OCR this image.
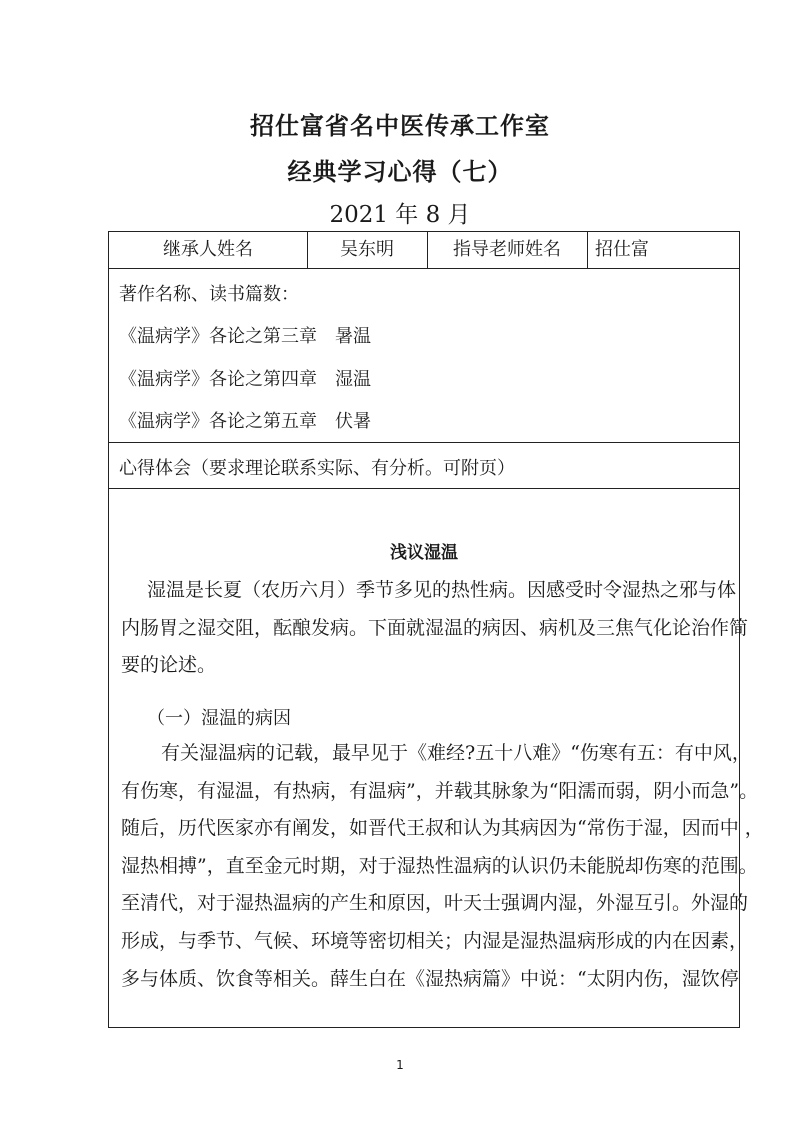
招仕富省名中医传承工作室
经典学习心得（七）
2021 年 8 月
继承人姓名	吴东明	指导老师姓名	招仕富
著作名称、读书篇数：
《温病学》各论之第三章　暑温
《温病学》各论之第四章　湿温
《温病学》各论之第五章　伏暑
心得体会（要求理论联系实际、有分析。可附页）
浅议湿温
湿温是长夏（农历六月）季节多见的热性病。因感受时令湿热之邪与体
内肠胃之湿交阻，酝酿发病。下面就湿温的病因、病机及三焦气化论治作简
要的论述。
（一）湿温的病因
有关湿温病的记载，最早见于《难经?五十八难》“伤寒有五：有中风，
有伤寒，有湿温，有热病，有温病”，并载其脉象为“阳濡而弱，阴小而急”。
随后，历代医家亦有阐发，如晋代王叔和认为其病因为“常伤于湿，因而中 ，
湿热相搏”，直至金元时期，对于湿热性温病的认识仍未能脱却伤寒的范围。
至清代，对于湿热温病的产生和原因，叶天士强调内湿，外湿互引。外湿的
形成，与季节、气候、环境等密切相关；内湿是湿热温病形成的内在因素，
多与体质、饮食等相关。薛生白在《湿热病篇》中说：“太阴内伤，湿饮停
1
